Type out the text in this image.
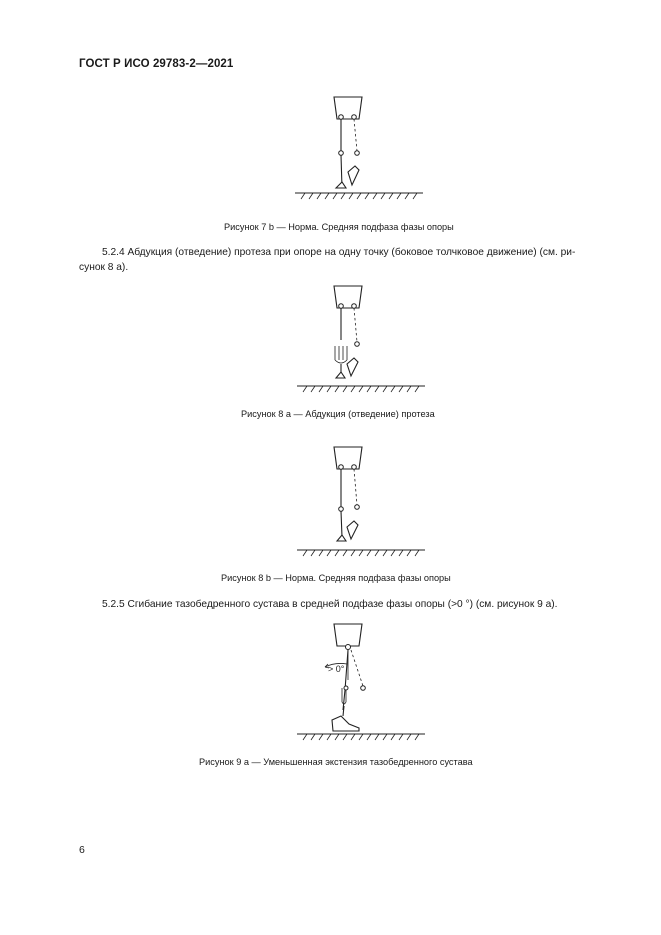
ГОСТ Р ИСО 29783-2—2021
Рисунок 7 b — Норма. Средняя подфаза фазы опоры
5.2.4 Абдукция (отведение) протеза при опоре на одну точку (боковое толчковое движение) (см. ри-
сунок 8 а).
Рисунок 8 а — Абдукция (отведение) протеза
Рисунок 8 b — Норма. Средняя подфаза фазы опоры
5.2.5 Сгибание тазобедренного сустава в средней подфазе фазы опоры (>0 °) (см. рисунок 9 а).
> 0°
Рисунок 9 а — Уменьшенная экстензия тазобедренного сустава
6
